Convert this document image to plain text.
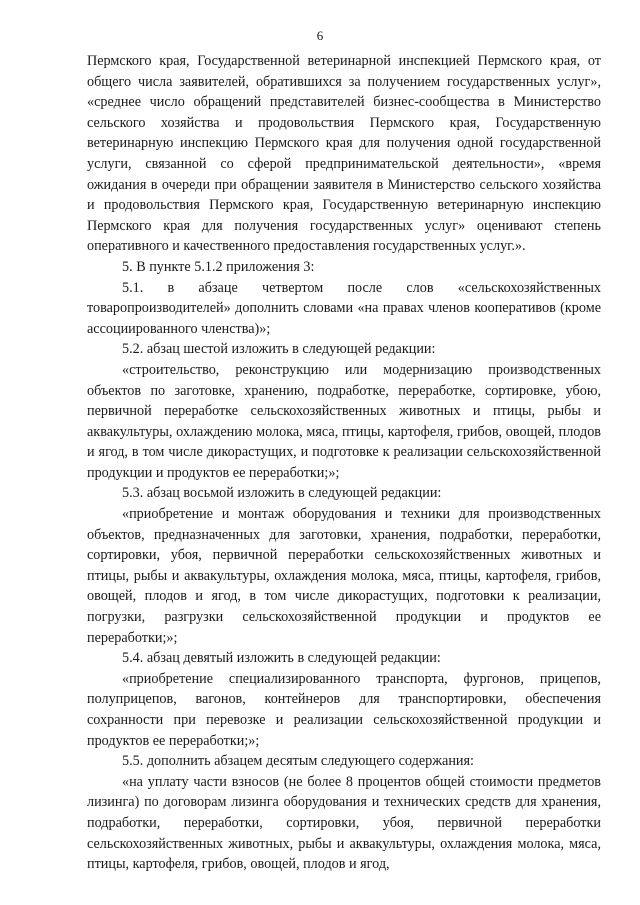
6

Пермского края, Государственной ветеринарной инспекцией Пермского края, от общего числа заявителей, обратившихся за получением государственных услуг», «среднее число обращений представителей бизнес-сообщества в Министерство сельского хозяйства и продовольствия Пермского края, Государственную ветеринарную инспекцию Пермского края для получения одной государственной услуги, связанной со сферой предпринимательской деятельности», «время ожидания в очереди при обращении заявителя в Министерство сельского хозяйства и продовольствия Пермского края, Государственную ветеринарную инспекцию Пермского края для получения государственных услуг» оценивают степень оперативного и качественного предоставления государственных услуг.».

5. В пункте 5.1.2 приложения 3:

5.1. в абзаце четвертом после слов «сельскохозяйственных товаропроизводителей» дополнить словами «на правах членов кооперативов (кроме ассоциированного членства)»;

5.2. абзац шестой изложить в следующей редакции:

«строительство, реконструкцию или модернизацию производственных объектов по заготовке, хранению, подработке, переработке, сортировке, убою, первичной переработке сельскохозяйственных животных и птицы, рыбы и аквакультуры, охлаждению молока, мяса, птицы, картофеля, грибов, овощей, плодов и ягод, в том числе дикорастущих, и подготовке к реализации сельскохозяйственной продукции и продуктов ее переработки;»;

5.3. абзац восьмой изложить в следующей редакции:

«приобретение и монтаж оборудования и техники для производственных объектов, предназначенных для заготовки, хранения, подработки, переработки, сортировки, убоя, первичной переработки сельскохозяйственных животных и птицы, рыбы и аквакультуры, охлаждения молока, мяса, птицы, картофеля, грибов, овощей, плодов и ягод, в том числе дикорастущих, подготовки к реализации, погрузки, разгрузки сельскохозяйственной продукции и продуктов ее переработки;»;

5.4. абзац девятый изложить в следующей редакции:

«приобретение специализированного транспорта, фургонов, прицепов, полуприцепов, вагонов, контейнеров для транспортировки, обеспечения сохранности при перевозке и реализации сельскохозяйственной продукции и продуктов ее переработки;»;

5.5. дополнить абзацем десятым следующего содержания:

«на уплату части взносов (не более 8 процентов общей стоимости предметов лизинга) по договорам лизинга оборудования и технических средств для хранения, подработки, переработки, сортировки, убоя, первичной переработки сельскохозяйственных животных, рыбы и аквакультуры, охлаждения молока, мяса, птицы, картофеля, грибов, овощей, плодов и ягод,
